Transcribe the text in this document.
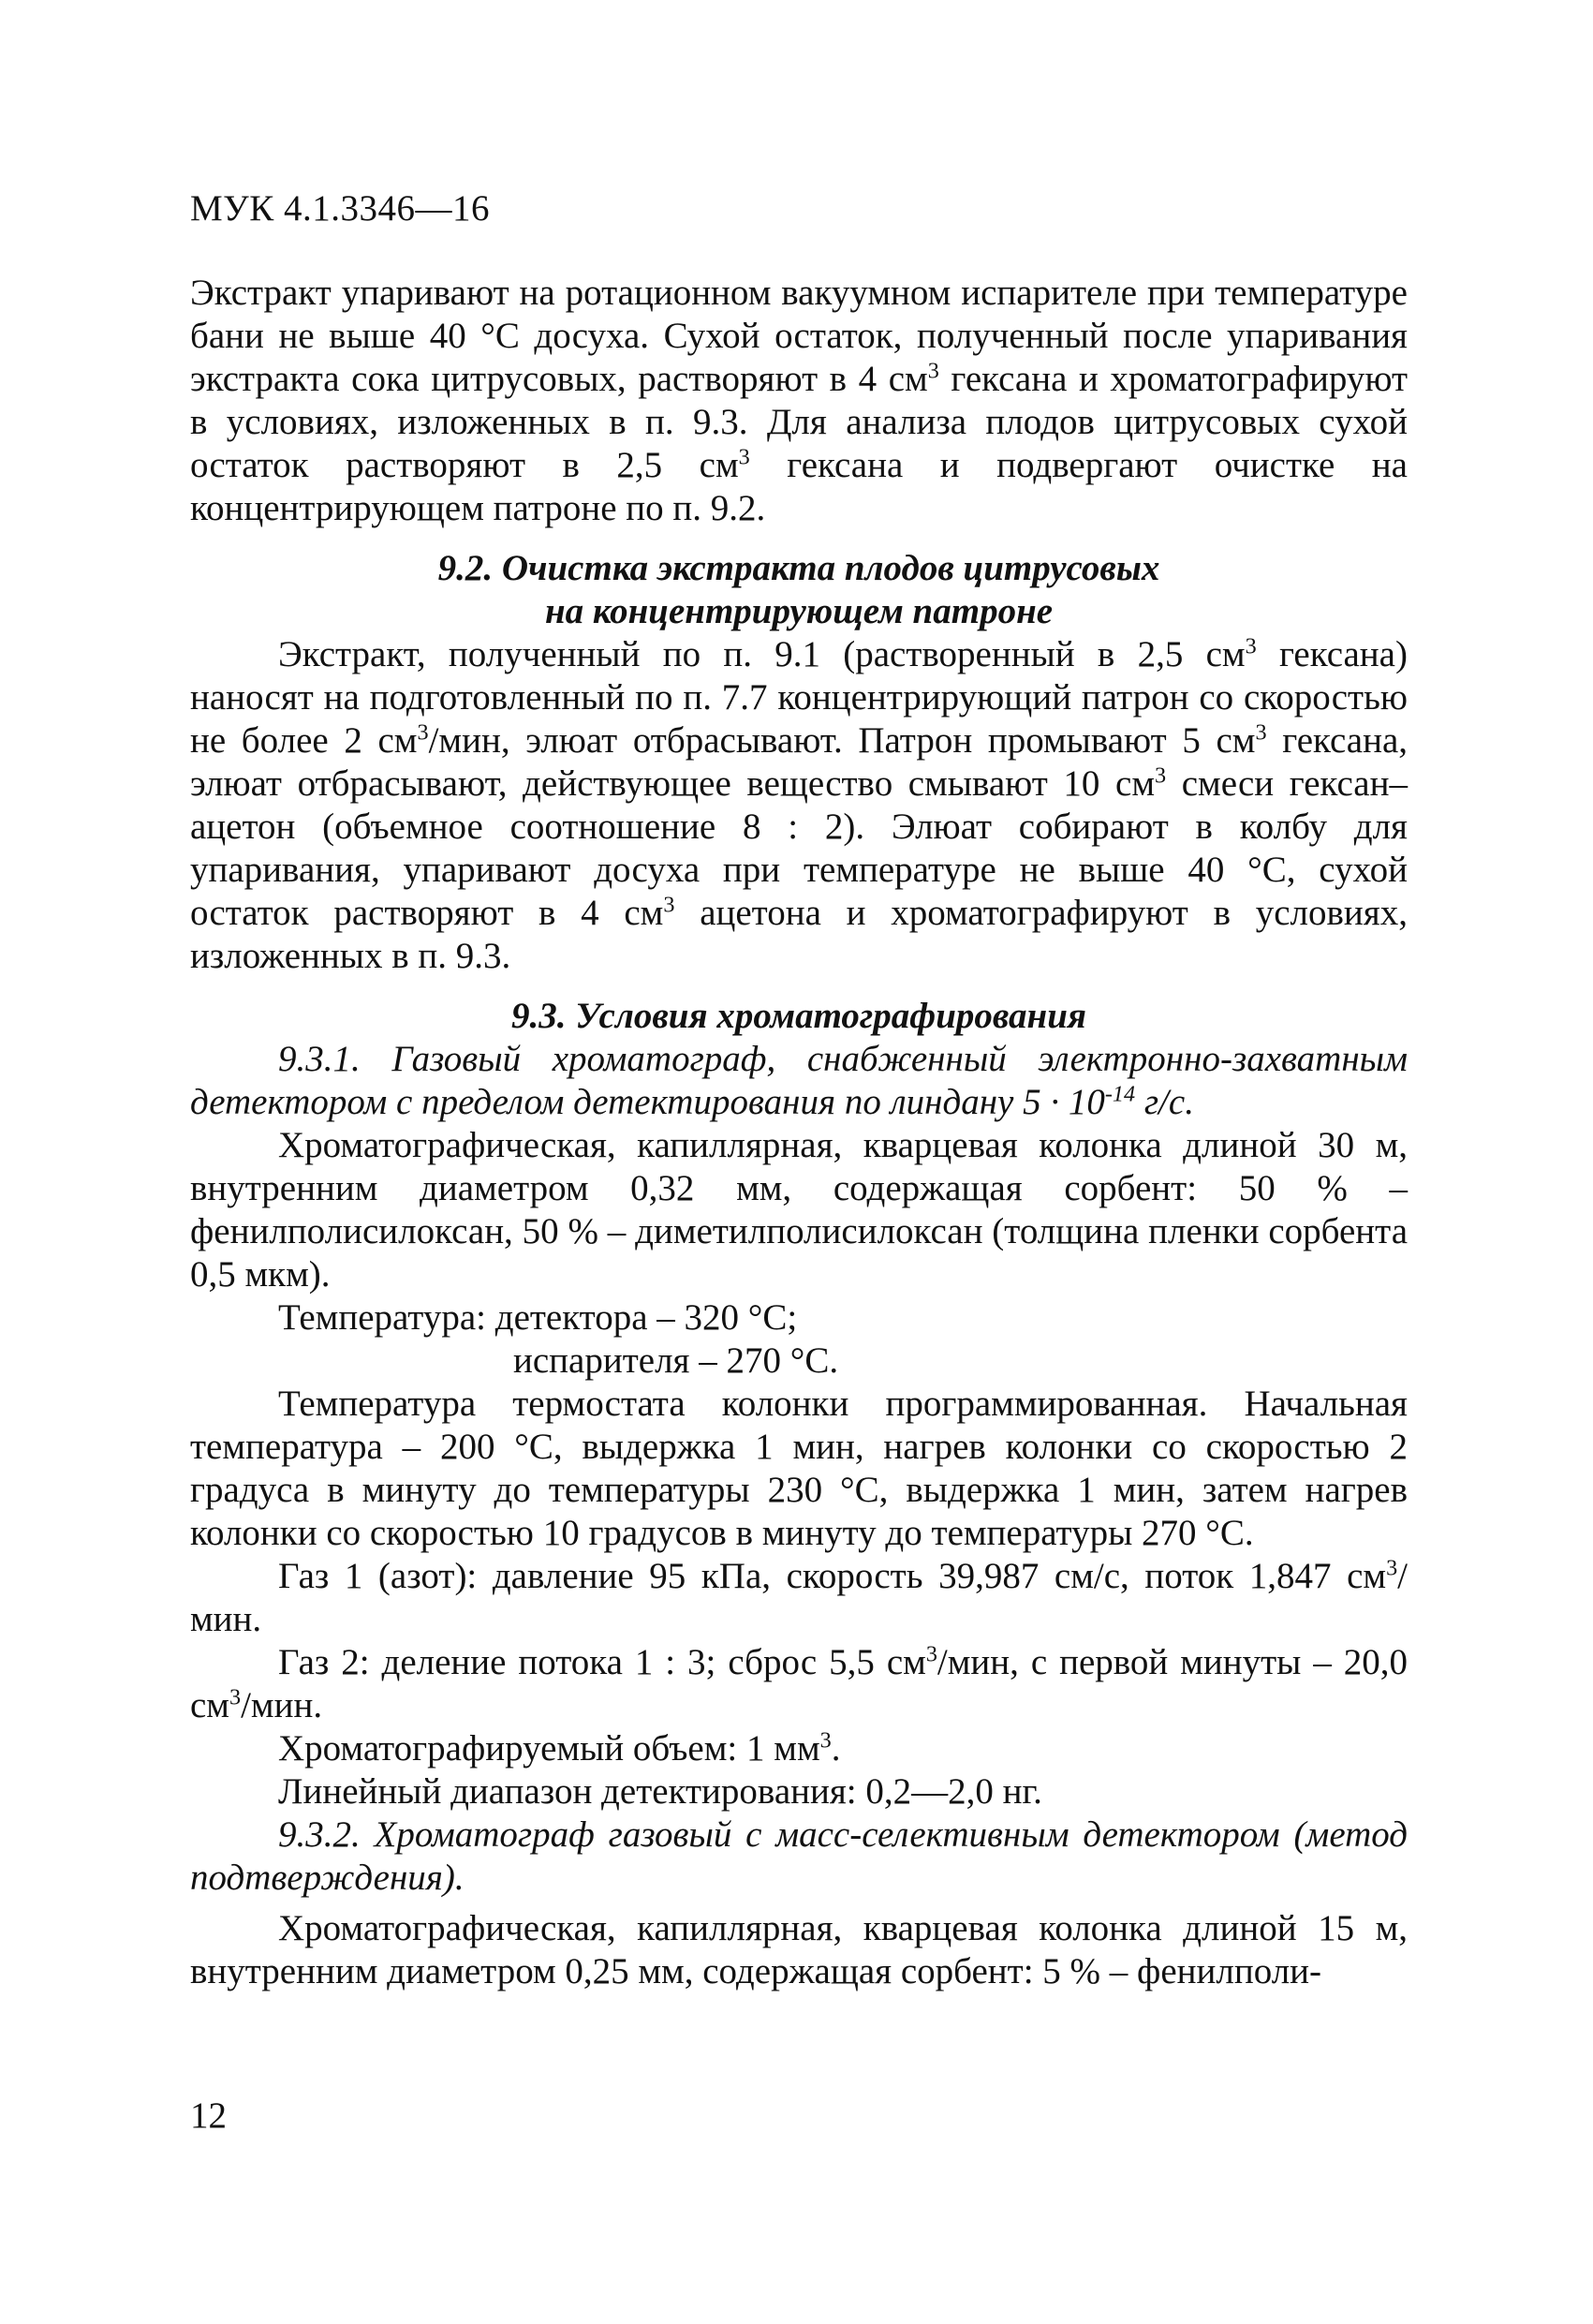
МУК 4.1.3346—16

Экстракт упаривают на ротационном вакуумном испарителе при температуре бани не выше 40 °С досуха. Сухой остаток, полученный после упаривания экстракта сока цитрусовых, растворяют в 4 $см^3$ гексана и хроматографируют в условиях, изложенных в п. 9.3. Для анализа плодов цитрусовых сухой остаток растворяют в 2,5 $см^3$ гексана и подвергают очистке на концентрирующем патроне по п. 9.2.

9.2. Очистка экстракта плодов цитрусовых
на концентрирующем патроне

Экстракт, полученный по п. 9.1 (растворенный в 2,5 $см^3$ гексана) наносят на подготовленный по п. 7.7 концентрирующий патрон со скоростью не более 2 $см^3$/мин, элюат отбрасывают. Патрон промывают 5 $см^3$ гексана, элюат отбрасывают, действующее вещество смывают 10 $см^3$ смеси гексан–ацетон (объемное соотношение 8 : 2). Элюат собирают в колбу для упаривания, упаривают досуха при температуре не выше 40 °С, сухой остаток растворяют в 4 $см^3$ ацетона и хроматографируют в условиях, изложенных в п. 9.3.

9.3. Условия хроматографирования

9.3.1. Газовый хроматограф, снабженный электронно-захватным детектором с пределом детектирования по линдану $5 \cdot 10^{-14}$ г/с.

Хроматографическая, капиллярная, кварцевая колонка длиной 30 м, внутренним диаметром 0,32 мм, содержащая сорбент: 50 % – фенилполисилоксан, 50 % – диметилполисилоксан (толщина пленки сорбента 0,5 мкм).

Температура: детектора – 320 °С;

испарителя – 270 °С.

Температура термостата колонки программированная. Начальная температура – 200 °С, выдержка 1 мин, нагрев колонки со скоростью 2 градуса в минуту до температуры 230 °С, выдержка 1 мин, затем нагрев колонки со скоростью 10 градусов в минуту до температуры 270 °С.

Газ 1 (азот): давление 95 кПа, скорость 39,987 см/с, поток 1,847 $см^3$/мин.

Газ 2: деление потока 1 : 3; сброс 5,5 $см^3$/мин, с первой минуты – 20,0 $см^3$/мин.

Хроматографируемый объем: 1 $мм^3$.

Линейный диапазон детектирования: 0,2—2,0 нг.

9.3.2. Хроматограф газовый с масс-селективным детектором (метод подтверждения).

Хроматографическая, капиллярная, кварцевая колонка длиной 15 м, внутренним диаметром 0,25 мм, содержащая сорбент: 5 % – фенилполи-

12
